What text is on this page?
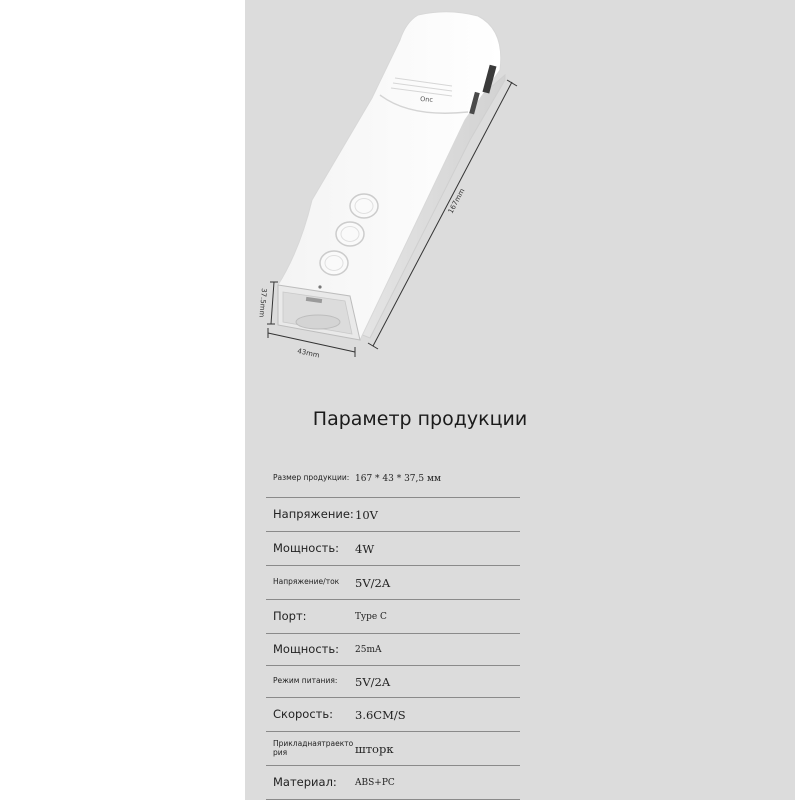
Onc
167mm
43mm
37.5mm
Параметр продукции
Размер продукции: 167 * 43 * 37,5 мм
Напряжение: 10V
Мощность:	4W
Напряжение/ток	5V/2A
Порт:	Type C
Мощность:	25mA
Режим питания:	5V/2A
Скорость:	3.6CM/S
Прикладнаятраекто рия	шторк
Материал:	ABS+PC
